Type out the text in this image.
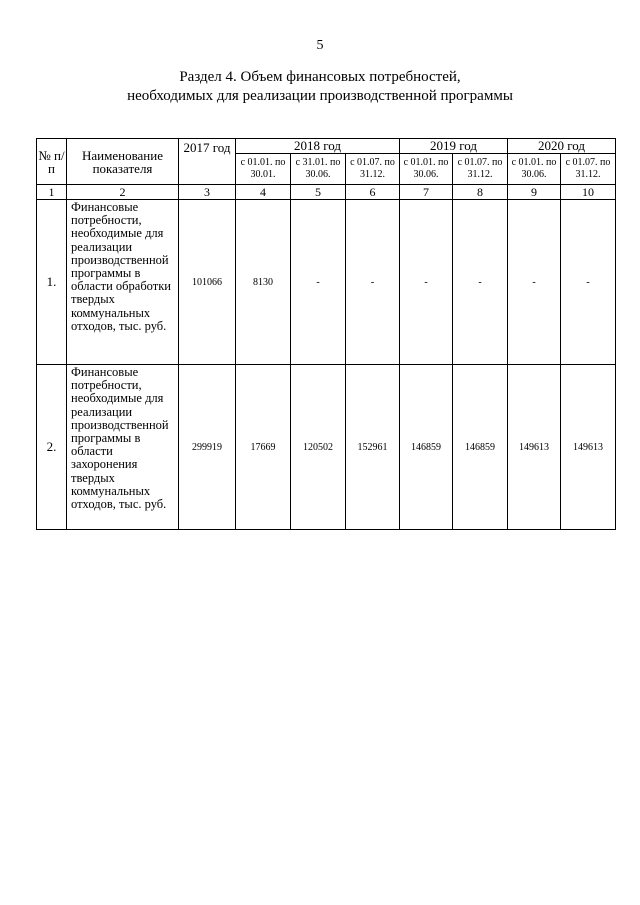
5
Раздел 4. Объем финансовых потребностей,
необходимых для реализации производственной программы
№ п/п	Наименование показателя	2017 год	2018 год			2019 год		2020 год	
			с 01.01. по 30.01.	с 31.01. по 30.06.	с 01.07. по 31.12.	с 01.01. по 30.06.	с 01.07. по 31.12.	с 01.01. по 30.06.	с 01.07. по 31.12.
1	2	3	4	5	6	7	8	9	10
1.	Финансовые потребности, необходимые для реализации производственной программы в области обработки твердых коммунальных отходов, тыс. руб.	101066	8130	-	-	-	-	-	-
2.	Финансовые потребности, необходимые для реализации производственной программы в области захоронения твердых коммунальных отходов, тыс. руб.	299919	17669	120502	152961	146859	146859	149613	149613
